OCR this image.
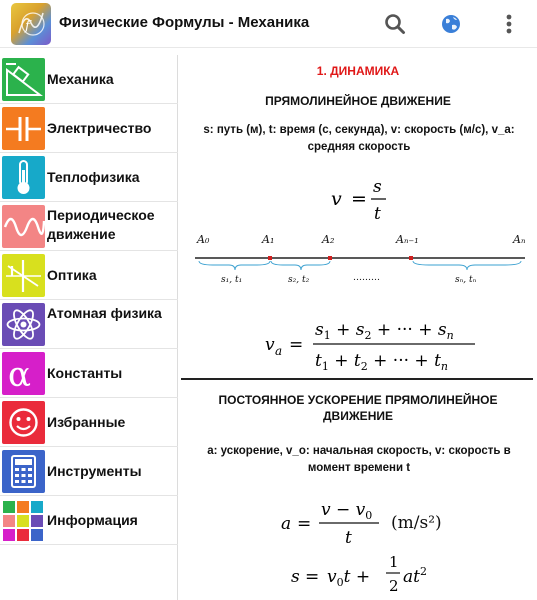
f Физические Формулы - Механика
Механика
Электричество
Теплофизика
Периодическое движение
Оптика
Атомная физика
α Константы
Избранные
Инструменты
Информация
1. ДИНАМИКА
ПРЯМОЛИНЕЙНОЕ ДВИЖЕНИЕ
s: путь (м), t: время (с, секунда), v: скорость (м/с), v_a: средняя скорость
v =
s
t
A₀	A₁	A₂	Aₙ₋₁	Aₙ
s₁, t₁	s₂, t₂	………	sₙ, tₙ
v a =
$s_1 + s_2$ + ··· + $s_n$
$t_1 + t_2$ + ··· + $t_n$
ПОСТОЯННОЕ УСКОРЕНИЕ ПРЯМОЛИНЕЙНОЕ ДВИЖЕНИЕ
a: ускорение, v_o: начальная скорость, v: скорость в момент времени t
a =
$v - v_0$
t
(m/s²)
$s = v_0t$ +
1
2 $at^2$
